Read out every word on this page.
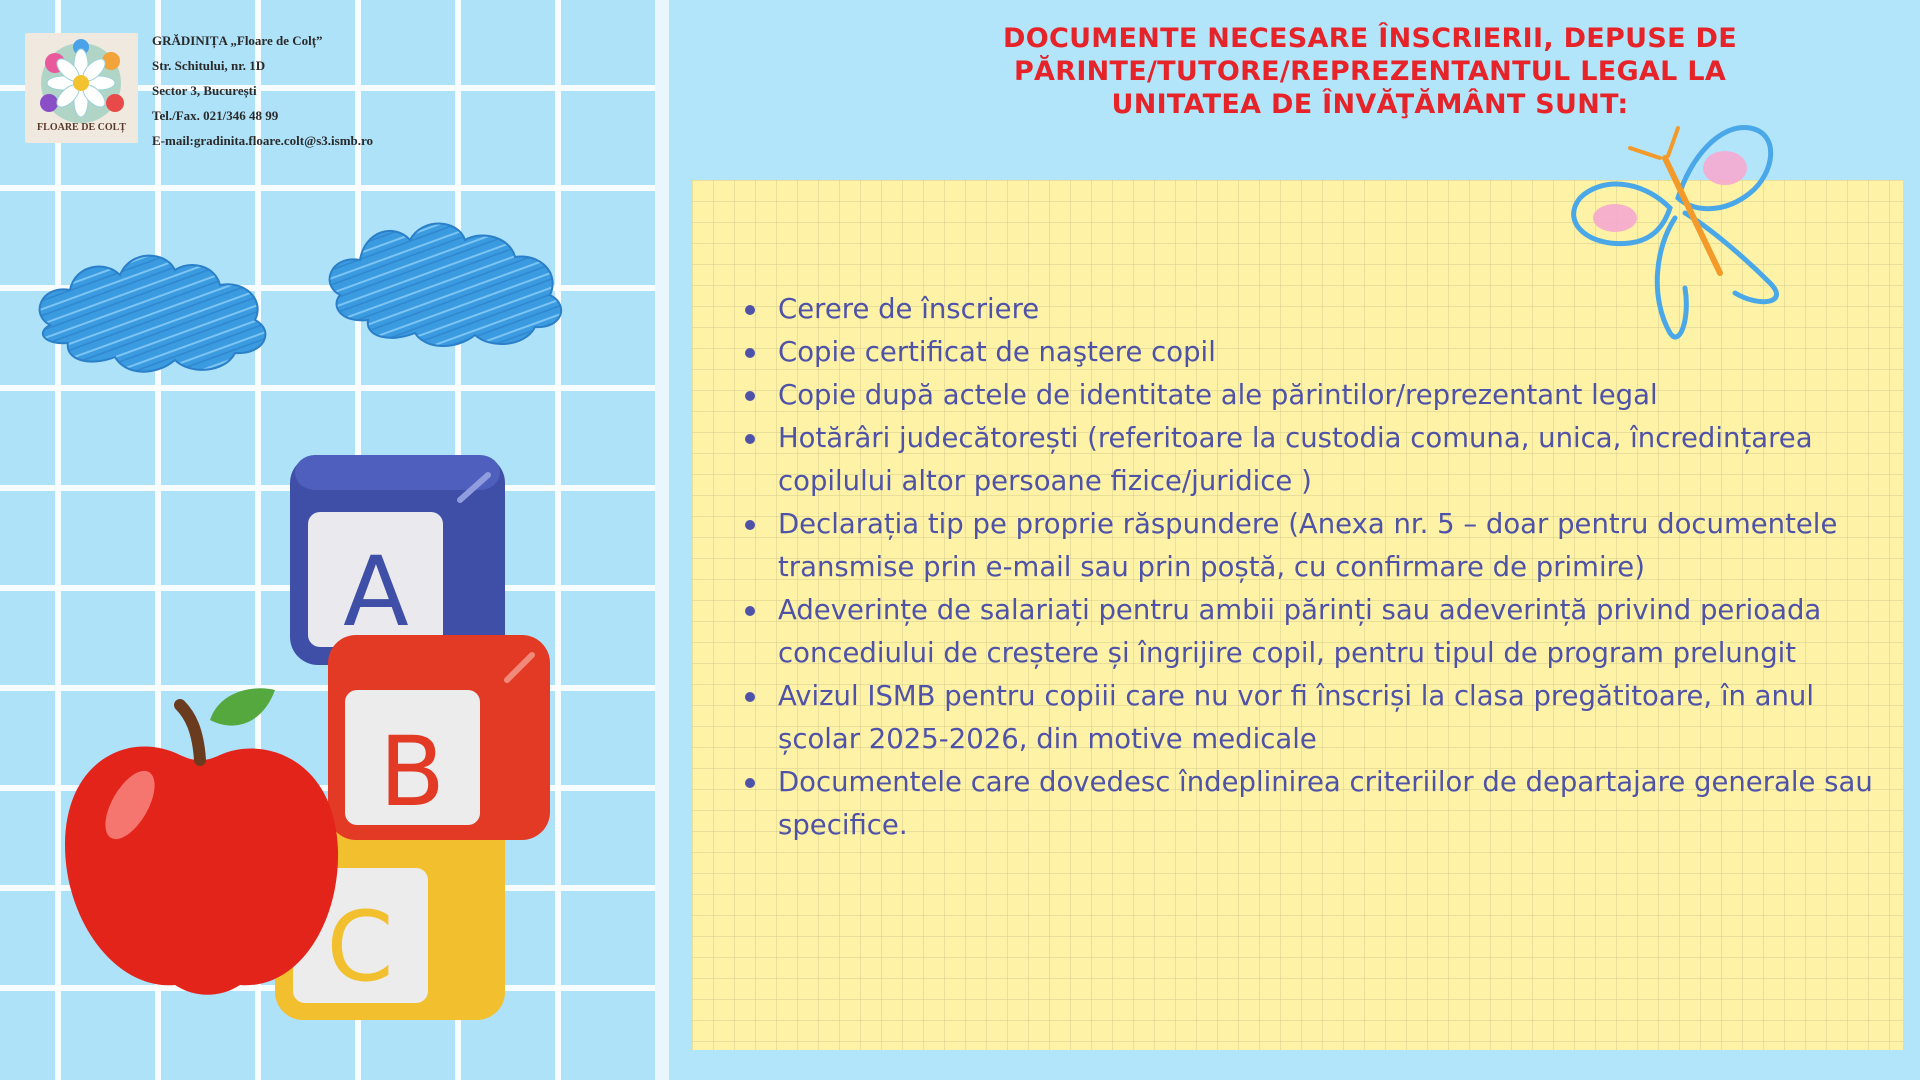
FLOARE DE COLȚ
GRĂDINIȚA „Floare de Colț”
Str. Schitului, nr. 1D
Sector 3, București
Tel./Fax. 021/346 48 99
E-mail:gradinita.floare.colt@s3.ismb.ro
A
B
C
DOCUMENTE NECESARE ÎNSCRIERII, DEPUSE DE
PĂRINTE/TUTORE/REPREZENTANTUL LEGAL LA
UNITATEA DE ÎNVĂŢĂMÂNT SUNT:
Cerere de înscriere
Copie certificat de naştere copil
Copie după actele de identitate ale părintilor/reprezentant legal
Hotărâri judecătorești (referitoare la custodia comuna, unica, încredințarea copilului altor persoane fizice/juridice )
Declarația tip pe proprie răspundere (Anexa nr. 5 – doar pentru documentele transmise prin e-mail sau prin poștă, cu confirmare de primire)
Adeverințe de salariați pentru ambii părinți sau adeverință privind perioada concediului de creștere și îngrijire copil, pentru tipul de program prelungit
Avizul ISMB pentru copiii care nu vor fi înscriși la clasa pregătitoare, în anul școlar 2025-2026, din motive medicale
Documentele care dovedesc îndeplinirea criteriilor de departajare generale sau specifice.
